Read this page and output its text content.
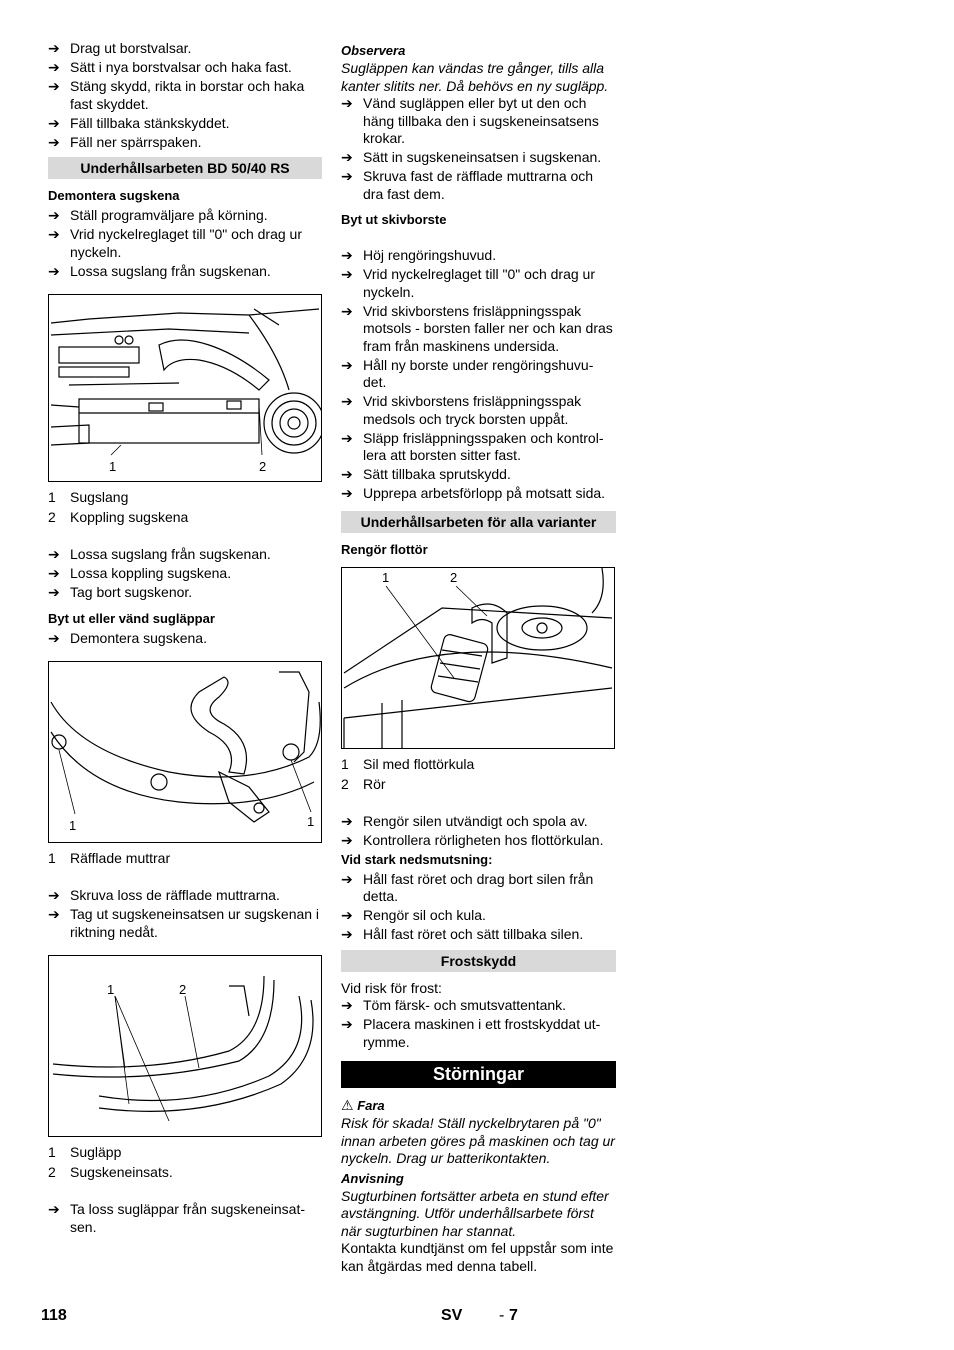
➔ Drag ut borstvalsar.
➔ Sätt i nya borstvalsar och haka fast.
➔ Stäng skydd, rikta in borstar och haka fast skyddet.
➔ Fäll tillbaka stänkskyddet.
➔ Fäll ner spärrspaken.
Underhållsarbeten BD 50/40 RS
Demontera sugskena
➔ Ställ programväljare på körning.
➔ Vrid nyckelreglaget till "0" och drag ur nyckeln.
➔ Lossa sugslang från sugskenan.
1	2
1 Sugslang
2 Koppling sugskena
➔ Lossa sugslang från sugskenan.
➔ Lossa koppling sugskena.
➔ Tag bort sugskenor.
Byt ut eller vänd sugläppar
➔ Demontera sugskena.
1	1
1 Räfflade muttrar
➔ Skruva loss de räfflade muttrarna.
➔ Tag ut sugskeneinsatsen ur sugskenan i riktning nedåt.
1	2
1 Sugläpp
2 Sugskeneinsats.
➔ Ta loss sugläppar från sugskeneinsat-sen.
Observera
Sugläppen kan vändas tre gånger, tills alla kanter slitits ner. Då behövs en ny sugläpp.
➔ Vänd sugläppen eller byt ut den och häng tillbaka den i sugskeneinsatsens krokar.
➔ Sätt in sugskeneinsatsen i sugskenan.
➔ Skruva fast de räfflade muttrarna och dra fast dem.
Byt ut skivborste
➔ Höj rengöringshuvud.
➔ Vrid nyckelreglaget till "0" och drag ur nyckeln.
➔ Vrid skivborstens frisläppningsspak motsols - borsten faller ner och kan dras fram från maskinens undersida.
➔ Håll ny borste under rengöringshuvu-det.
➔ Vrid skivborstens frisläppningsspak medsols och tryck borsten uppåt.
➔ Släpp frisläppningsspaken och kontrol-lera att borsten sitter fast.
➔ Sätt tillbaka sprutskydd.
➔ Upprepa arbetsförlopp på motsatt sida.
Underhållsarbeten för alla varianter
Rengör flottör
1	2
1 Sil med flottörkula
2 Rör
➔ Rengör silen utvändigt och spola av.
➔ Kontrollera rörligheten hos flottörkulan.
Vid stark nedsmutsning:
➔ Håll fast röret och drag bort silen från detta.
➔ Rengör sil och kula.
➔ Håll fast röret och sätt tillbaka silen.
Frostskydd
Vid risk för frost:
➔ Töm färsk- och smutsvattentank.
➔ Placera maskinen i ett frostskyddat ut-rymme.
Störningar
⚠ Fara
Risk för skada! Ställ nyckelbrytaren på "0" innan arbeten göres på maskinen och tag ur nyckeln. Drag ur batterikontakten.
Anvisning
Sugturbinen fortsätter arbeta en stund efter avstängning. Utför underhållsarbete först när sugturbinen har stannat.
Kontakta kundtjänst om fel uppstår som inte kan åtgärdas med denna tabell.
118	SV - 7
